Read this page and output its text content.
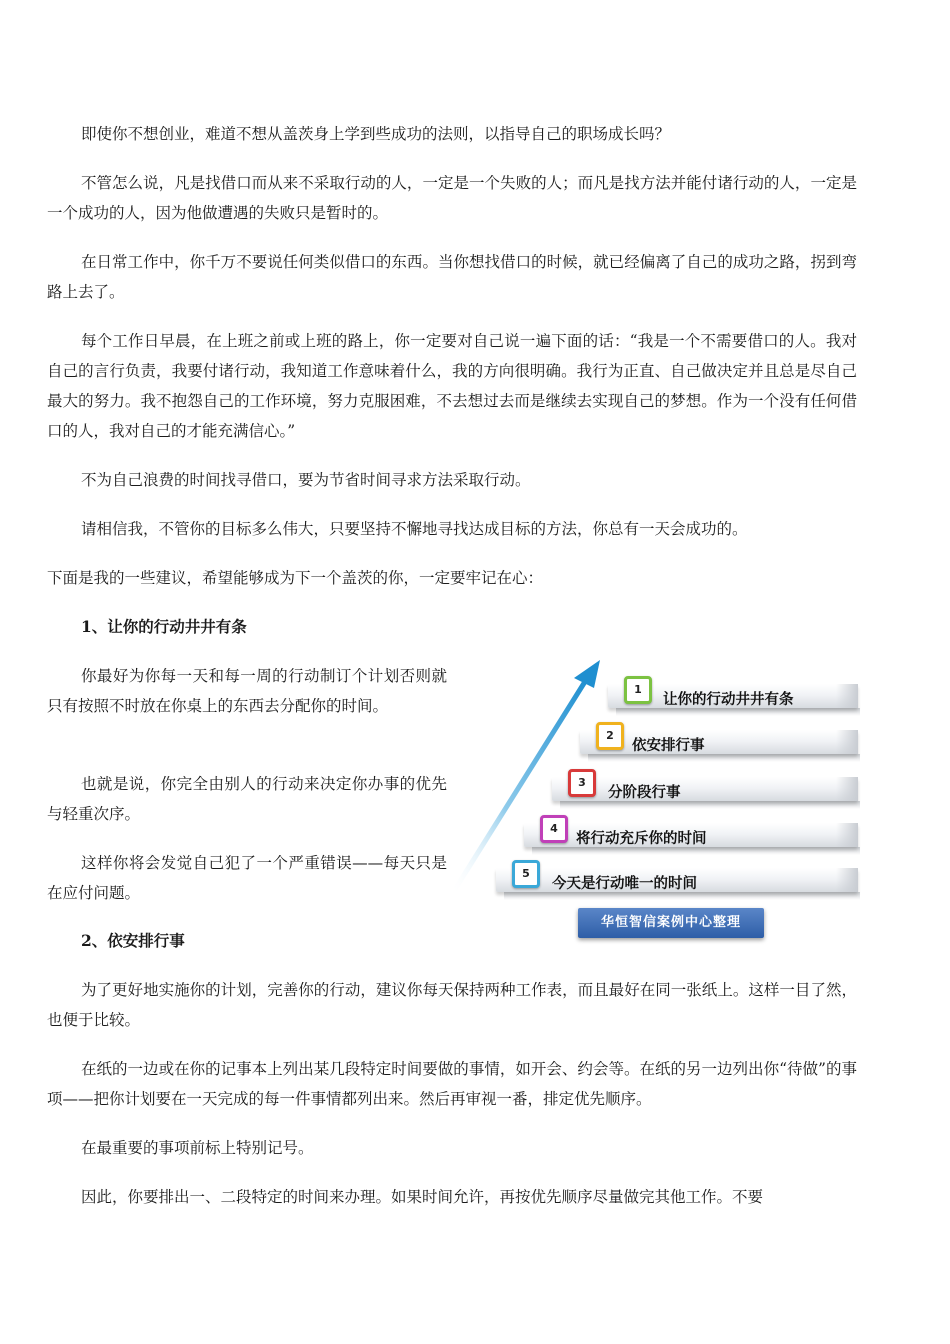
即使你不想创业，难道不想从盖茨身上学到些成功的法则，以指导自己的职场成长吗？

不管怎么说，凡是找借口而从来不采取行动的人，一定是一个失败的人；而凡是找方法并能付诸行动的人，一定是一个成功的人，因为他做遭遇的失败只是暂时的。

在日常工作中，你千万不要说任何类似借口的东西。当你想找借口的时候，就已经偏离了自己的成功之路，拐到弯路上去了。

每个工作日早晨，在上班之前或上班的路上，你一定要对自己说一遍下面的话：“我是一个不需要借口的人。我对自己的言行负责，我要付诸行动，我知道工作意味着什么，我的方向很明确。我行为正直、自己做决定并且总是尽自己最大的努力。我不抱怨自己的工作环境，努力克服困难，不去想过去而是继续去实现自己的梦想。作为一个没有任何借口的人，我对自己的才能充满信心。”

不为自己浪费的时间找寻借口，要为节省时间寻求方法采取行动。

请相信我，不管你的目标多么伟大，只要坚持不懈地寻找达成目标的方法，你总有一天会成功的。

下面是我的一些建议，希望能够成为下一个盖茨的你，一定要牢记在心：

1、让你的行动井井有条

你最好为你每一天和每一周的行动制订个计划否则就只有按照不时放在你桌上的东西去分配你的时间。

也就是说，你完全由别人的行动来决定你办事的优先与轻重次序。

这样你将会发觉自己犯了一个严重错误——每天只是在应付问题。

2、依安排行事

为了更好地实施你的计划，完善你的行动，建议你每天保持两种工作表，而且最好在同一张纸上。这样一目了然，也便于比较。

在纸的一边或在你的记事本上列出某几段特定时间要做的事情，如开会、约会等。在纸的另一边列出你“待做”的事项——把你计划要在一天完成的每一件事情都列出来。然后再审视一番，排定优先顺序。

在最重要的事项前标上特别记号。

因此，你要排出一、二段特定的时间来办理。如果时间允许，再按优先顺序尽量做完其他工作。不要

1
让你的行动井井有条
2
依安排行事
3
分阶段行事
4
将行动充斥你的时间
5
今天是行动唯一的时间
华恒智信案例中心整理
